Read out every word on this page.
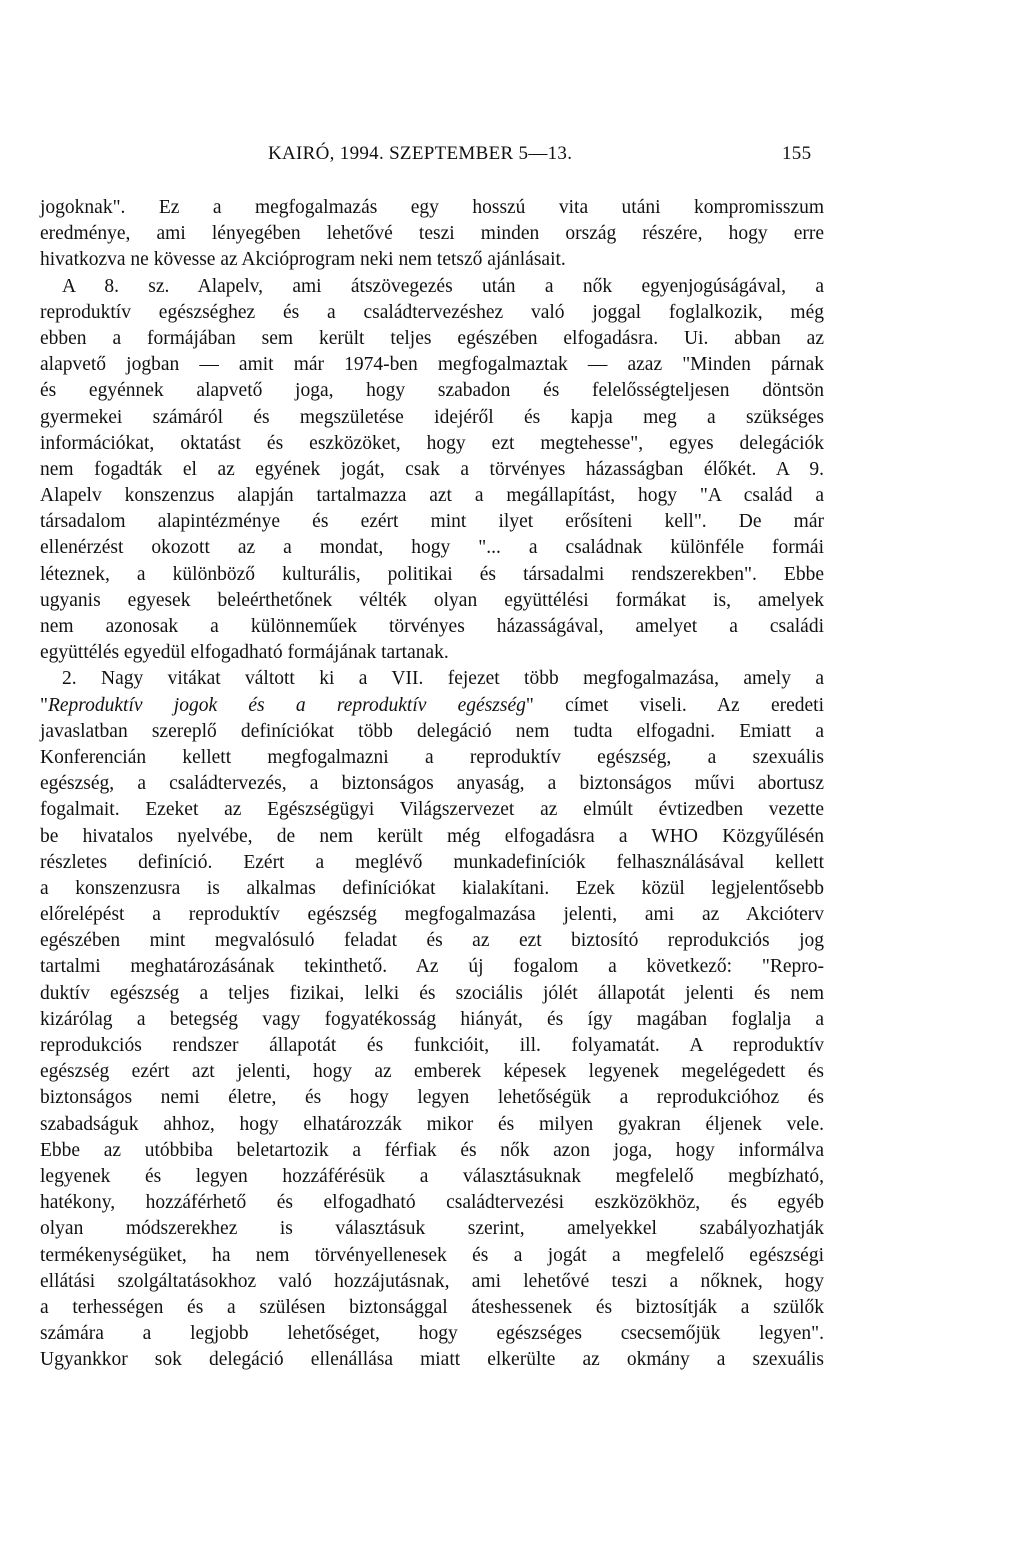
KAIRÓ, 1994. SZEPTEMBER 5—13.	155
jogoknak". Ez a megfogalmazás egy hosszú vita utáni kompromisszum
eredménye, ami lényegében lehetővé teszi minden ország részére, hogy erre
hivatkozva ne kövesse az Akcióprogram neki nem tetsző ajánlásait.
A 8. sz. Alapelv, ami átszövegezés után a nők egyenjogúságával, a
reproduktív egészséghez és a családtervezéshez való joggal foglalkozik, még
ebben a formájában sem került teljes egészében elfogadásra. Ui. abban az
alapvető jogban — amit már 1974-ben megfogalmaztak — azaz "Minden párnak
és egyénnek alapvető joga, hogy szabadon és felelősségteljesen döntsön
gyermekei számáról és megszületése idejéről és kapja meg a szükséges
információkat, oktatást és eszközöket, hogy ezt megtehesse", egyes delegációk
nem fogadták el az egyének jogát, csak a törvényes házasságban élőkét. A 9.
Alapelv konszenzus alapján tartalmazza azt a megállapítást, hogy "A család a
társadalom alapintézménye és ezért mint ilyet erősíteni kell". De már
ellenérzést okozott az a mondat, hogy "... a családnak különféle formái
léteznek, a különböző kulturális, politikai és társadalmi rendszerekben". Ebbe
ugyanis egyesek beleérthetőnek vélték olyan együttélési formákat is, amelyek
nem azonosak a különneműek törvényes házasságával, amelyet a családi
együttélés egyedül elfogadható formájának tartanak.
2. Nagy vitákat váltott ki a VII. fejezet több megfogalmazása, amely a
"Reproduktív jogok és a reproduktív egészség" címet viseli. Az eredeti
javaslatban szereplő definíciókat több delegáció nem tudta elfogadni. Emiatt a
Konferencián kellett megfogalmazni a reproduktív egészség, a szexuális
egészség, a családtervezés, a biztonságos anyaság, a biztonságos művi abortusz
fogalmait. Ezeket az Egészségügyi Világszervezet az elmúlt évtizedben vezette
be hivatalos nyelvébe, de nem került még elfogadásra a WHO Közgyűlésén
részletes definíció. Ezért a meglévő munkadefiníciók felhasználásával kellett
a konszenzusra is alkalmas definíciókat kialakítani. Ezek közül legjelentősebb
előrelépést a reproduktív egészség megfogalmazása jelenti, ami az Akcióterv
egészében mint megvalósuló feladat és az ezt biztosító reprodukciós jog
tartalmi meghatározásának tekinthető. Az új fogalom a következő: "Repro-
duktív egészség a teljes fizikai, lelki és szociális jólét állapotát jelenti és nem
kizárólag a betegség vagy fogyatékosság hiányát, és így magában foglalja a
reprodukciós rendszer állapotát és funkcióit, ill. folyamatát. A reproduktív
egészség ezért azt jelenti, hogy az emberek képesek legyenek megelégedett és
biztonságos nemi életre, és hogy legyen lehetőségük a reprodukcióhoz és
szabadságuk ahhoz, hogy elhatározzák mikor és milyen gyakran éljenek vele.
Ebbe az utóbbiba beletartozik a férfiak és nők azon joga, hogy informálva
legyenek és legyen hozzáférésük a választásuknak megfelelő megbízható,
hatékony, hozzáférhető és elfogadható családtervezési eszközökhöz, és egyéb
olyan módszerekhez is választásuk szerint, amelyekkel szabályozhatják
termékenységüket, ha nem törvényellenesek és a jogát a megfelelő egészségi
ellátási szolgáltatásokhoz való hozzájutásnak, ami lehetővé teszi a nőknek, hogy
a terhességen és a szülésen biztonsággal áteshessenek és biztosítják a szülők
számára a legjobb lehetőséget, hogy egészséges csecsemőjük legyen".
Ugyankkor sok delegáció ellenállása miatt elkerülte az okmány a szexuális
